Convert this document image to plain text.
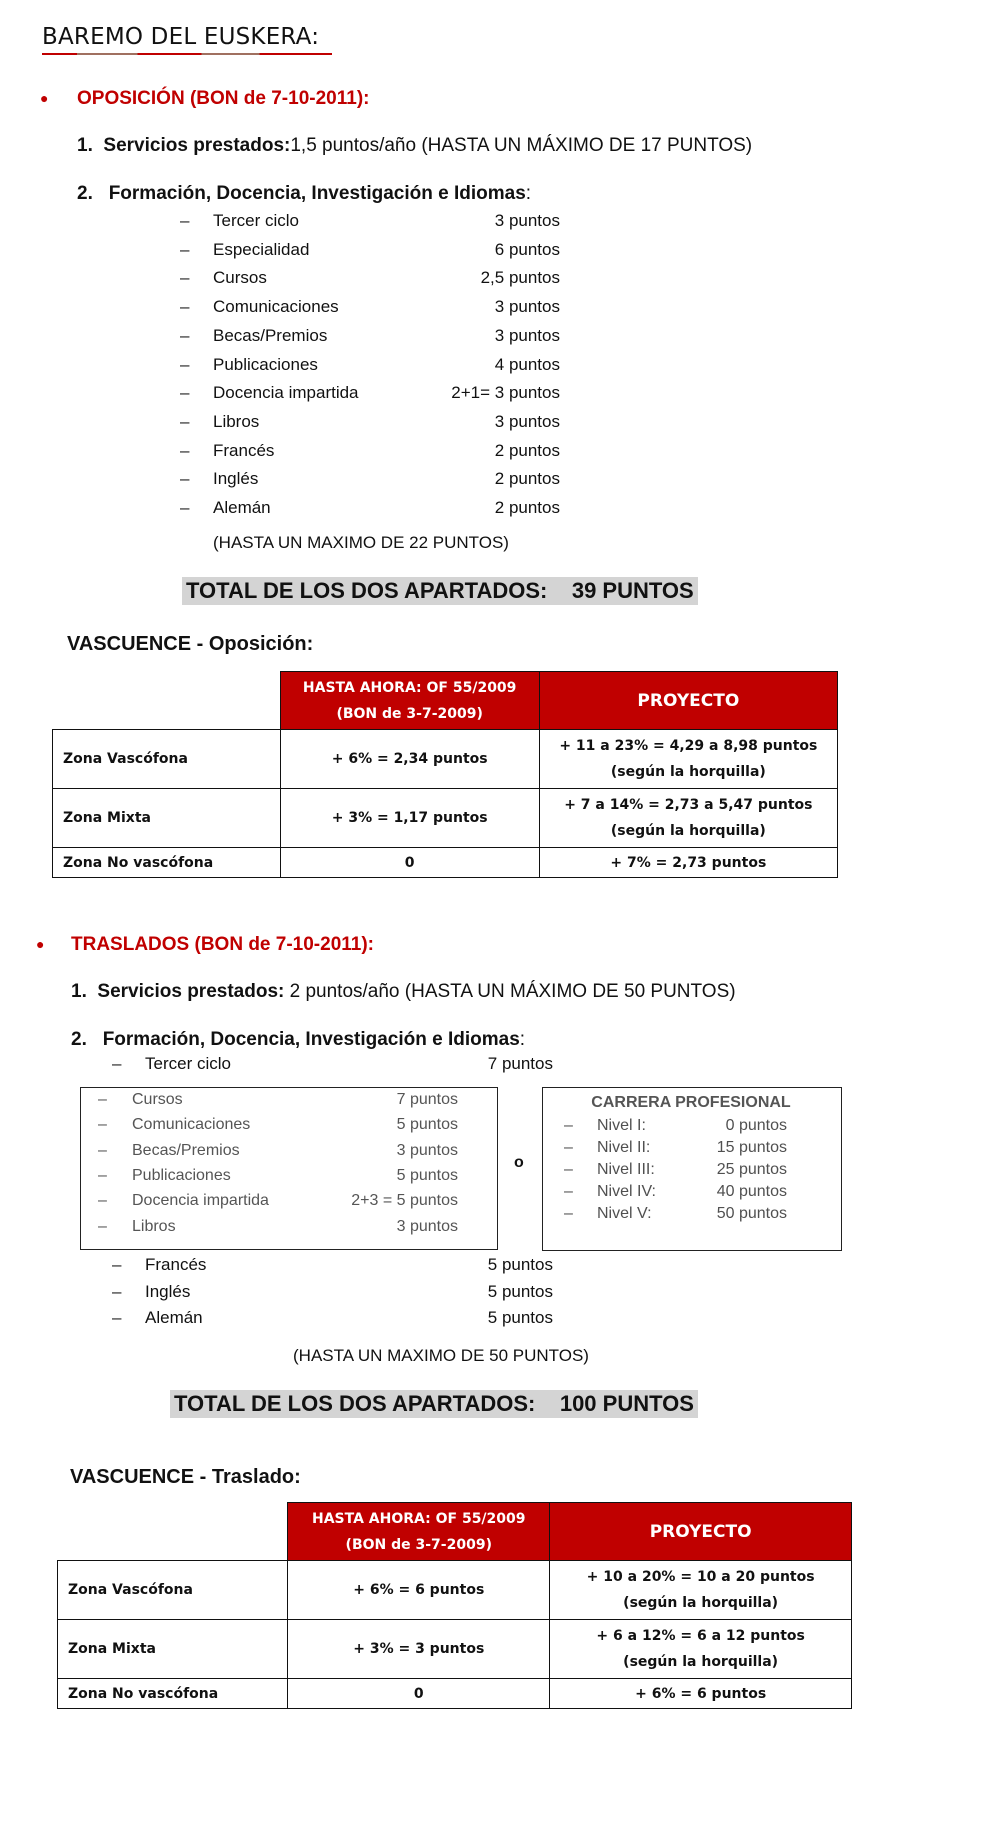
BAREMO DEL EUSKERA:
● OPOSICIÓN (BON de 7-10-2011):
1. Servicios prestados:1,5 puntos/año (HASTA UN MÁXIMO DE 17 PUNTOS)
2. Formación, Docencia, Investigación e Idiomas:
– Tercer ciclo	3 puntos
– Especialidad	6 puntos
– Cursos	2,5 puntos
– Comunicaciones	3 puntos
– Becas/Premios	3 puntos
– Publicaciones	4 puntos
– Docencia impartida	2+1= 3 puntos
– Libros	3 puntos
– Francés	2 puntos
– Inglés	2 puntos
– Alemán	2 puntos
(HASTA UN MAXIMO DE 22 PUNTOS)
TOTAL DE LOS DOS APARTADOS:    39 PUNTOS
VASCUENCE - Oposición:

	HASTA AHORA: OF 55/2009
(BON de 3-7-2009)	PROYECTO
Zona Vascófona	+ 6% = 2,34 puntos	+ 11 a 23% = 4,29 a 8,98 puntos
(según la horquilla)

Zona Mixta	+ 3% = 1,17 puntos	+ 7 a 14% = 2,73 a 5,47 puntos
(según la horquilla)

Zona No vascófona	0	+ 7% = 2,73 puntos
● TRASLADOS (BON de 7-10-2011):
1. Servicios prestados: 2 puntos/año (HASTA UN MÁXIMO DE 50 PUNTOS)
2. Formación, Docencia, Investigación e Idiomas:
– Tercer ciclo	7 puntos
– Cursos	7 puntos
– Comunicaciones	5 puntos
– Becas/Premios	3 puntos
– Publicaciones	5 puntos
– Docencia impartida	2+3 = 5 puntos
– Libros	3 puntos
o
CARRERA PROFESIONAL
– Nivel I:	0 puntos
– Nivel II:	15 puntos
– Nivel III:	25 puntos
– Nivel IV:	40 puntos
– Nivel V:	50 puntos
– Francés	5 puntos
– Inglés	5 puntos
– Alemán	5 puntos
(HASTA UN MAXIMO DE 50 PUNTOS)
TOTAL DE LOS DOS APARTADOS:    100 PUNTOS
VASCUENCE - Traslado:

	HASTA AHORA: OF 55/2009
(BON de 3-7-2009)	PROYECTO
Zona Vascófona	+ 6% = 6 puntos	+ 10 a 20% = 10 a 20 puntos
(según la horquilla)

Zona Mixta	+ 3% = 3 puntos	+ 6 a 12% = 6 a 12 puntos
(según la horquilla)

Zona No vascófona	0	+ 6% = 6 puntos
